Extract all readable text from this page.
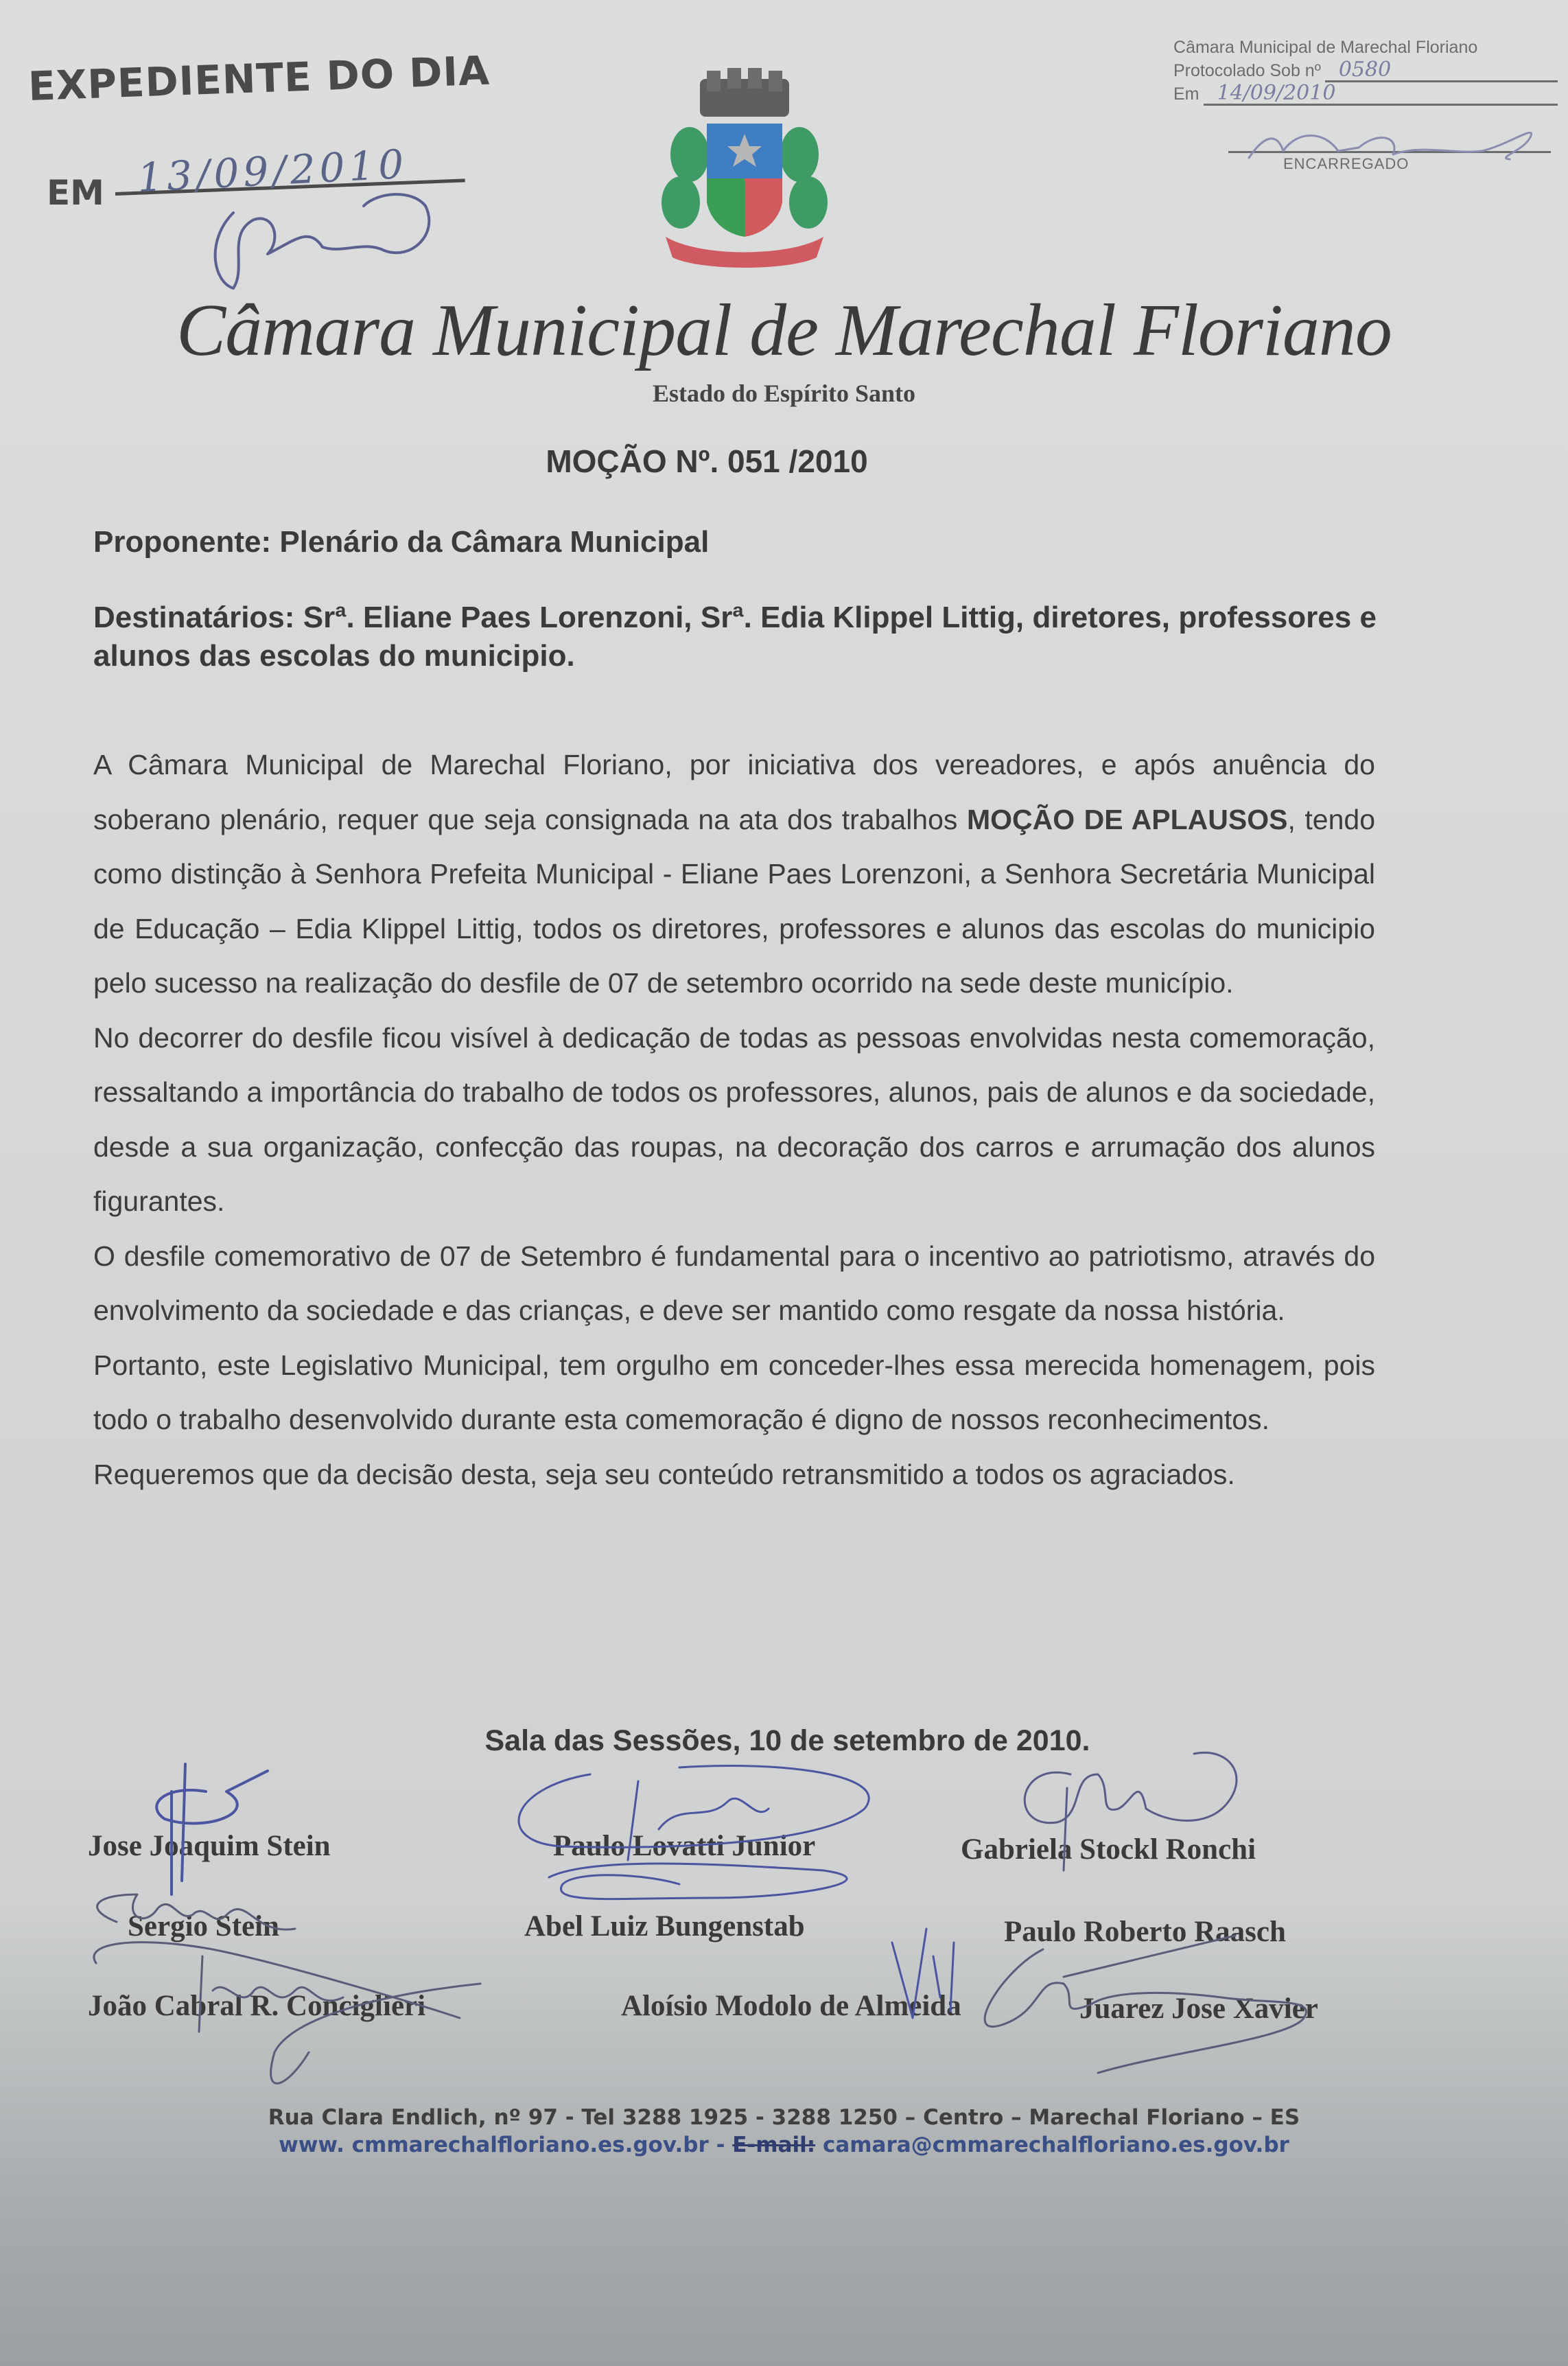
EXPEDIENTE DO DIA
EM 13/09/2010
Câmara Municipal de Marechal Floriano
Protocolado Sob nº 0580
Em 14/09/2010
ENCARREGADO
Câmara Municipal de Marechal Floriano
Estado do Espírito Santo
MOÇÃO Nº. 051 /2010
Proponente: Plenário da Câmara Municipal
Destinatários: Srª. Eliane Paes Lorenzoni, Srª. Edia Klippel Littig, diretores, professores e alunos das escolas do municipio.

A Câmara Municipal de Marechal Floriano, por iniciativa dos vereadores, e após anuência do soberano plenário, requer que seja consignada na ata dos trabalhos MOÇÃO DE APLAUSOS, tendo como distinção à Senhora Prefeita Municipal - Eliane Paes Lorenzoni, a Senhora Secretária Municipal de Educação – Edia Klippel Littig, todos os diretores, professores e alunos das escolas do municipio pelo sucesso na realização do desfile de 07 de setembro ocorrido na sede deste município.

No decorrer do desfile ficou visível à dedicação de todas as pessoas envolvidas nesta comemoração, ressaltando a importância do trabalho de todos os professores, alunos, pais de alunos e da sociedade, desde a sua organização, confecção das roupas, na decoração dos carros e arrumação dos alunos figurantes.

O desfile comemorativo de 07 de Setembro é fundamental para o incentivo ao patriotismo, através do envolvimento da sociedade e das crianças, e deve ser mantido como resgate da nossa história.

Portanto, este Legislativo Municipal, tem orgulho em conceder-lhes essa merecida homenagem, pois todo o trabalho desenvolvido durante esta comemoração é digno de nossos reconhecimentos.

Requeremos que da decisão desta, seja seu conteúdo retransmitido a todos os agraciados.

Sala das Sessões, 10 de setembro de 2010.
Jose Joaquim Stein	Paulo Lovatti Junior	Gabriela Stockl Ronchi
Sergio Stein	Abel Luiz Bungenstab	Paulo Roberto Raasch
João Cabral R. Conciglieri	Aloísio Modolo de Almeida	Juarez Jose Xavier
Rua Clara Endlich, nº 97 - Tel 3288 1925 - 3288 1250 – Centro – Marechal Floriano – ES
www. cmmarechalfloriano.es.gov.br - E-mail: camara@cmmarechalfloriano.es.gov.br
